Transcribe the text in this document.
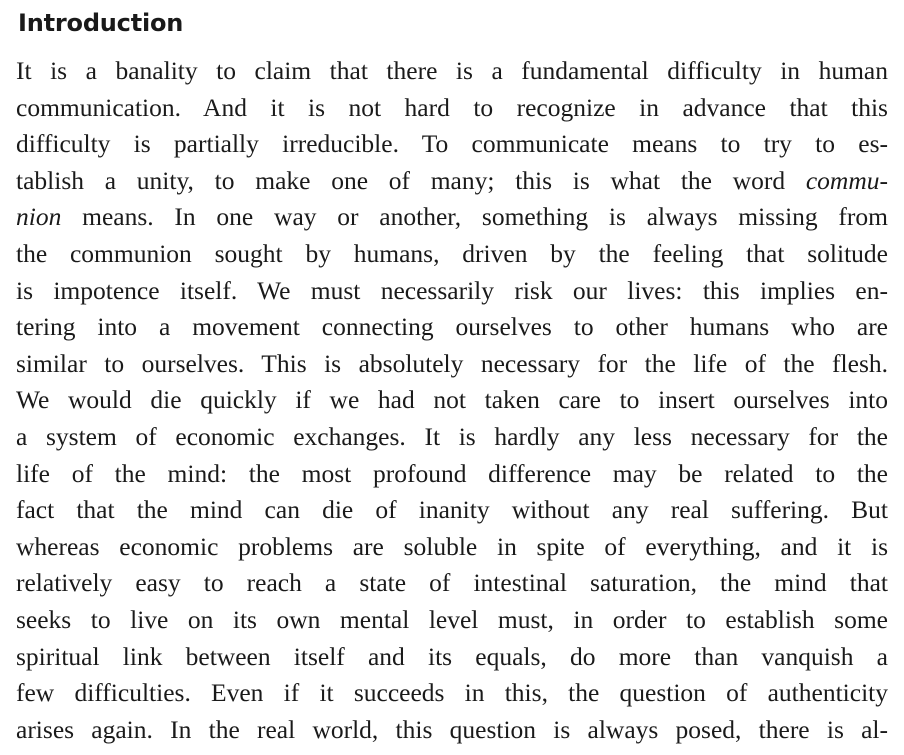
Introduction
It is a banality to claim that there is a fundamental difficulty in human
communication. And it is not hard to recognize in advance that this
difficulty is partially irreducible. To communicate means to try to es-
tablish a unity, to make one of many; this is what the word commu-
nion means. In one way or another, something is always missing from
the communion sought by humans, driven by the feeling that solitude
is impotence itself. We must necessarily risk our lives: this implies en-
tering into a movement connecting ourselves to other humans who are
similar to ourselves. This is absolutely necessary for the life of the flesh.
We would die quickly if we had not taken care to insert ourselves into
a system of economic exchanges. It is hardly any less necessary for the
life of the mind: the most profound difference may be related to the
fact that the mind can die of inanity without any real suffering. But
whereas economic problems are soluble in spite of everything, and it is
relatively easy to reach a state of intestinal saturation, the mind that
seeks to live on its own mental level must, in order to establish some
spiritual link between itself and its equals, do more than vanquish a
few difficulties. Even if it succeeds in this, the question of authenticity
arises again. In the real world, this question is always posed, there is al-
